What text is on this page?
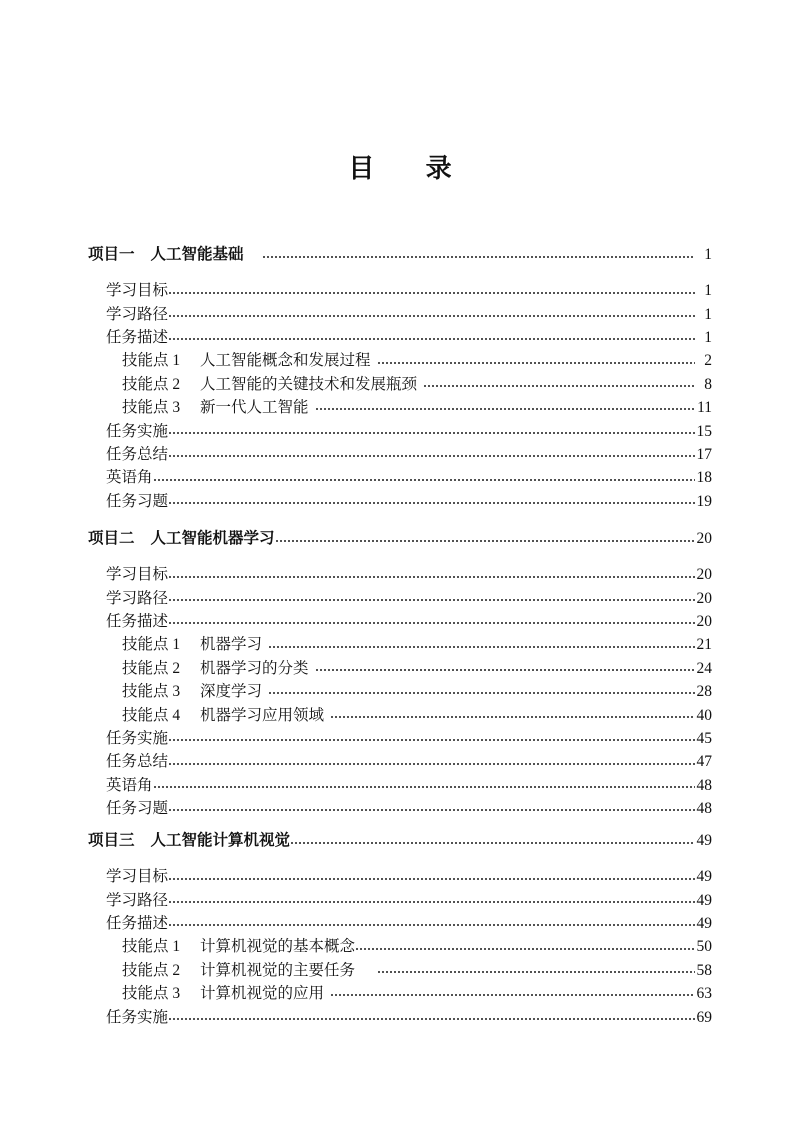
目 录
项目一 人工智能基础	1
学习目标	1
学习路径	1
任务描述	1
技能点 1	人工智能概念和发展过程	2
技能点 2	人工智能的关键技术和发展瓶颈	8
技能点 3	新一代人工智能	11
任务实施	15
任务总结	17
英语角	18
任务习题	19
项目二 人工智能机器学习	20
学习目标	20
学习路径	20
任务描述	20
技能点 1	机器学习	21
技能点 2	机器学习的分类	24
技能点 3	深度学习	28
技能点 4	机器学习应用领域	40
任务实施	45
任务总结	47
英语角	48
任务习题	48
项目三 人工智能计算机视觉	49
学习目标	49
学习路径	49
任务描述	49
技能点 1	计算机视觉的基本概念	50
技能点 2	计算机视觉的主要任务	58
技能点 3	计算机视觉的应用	63
任务实施	69
